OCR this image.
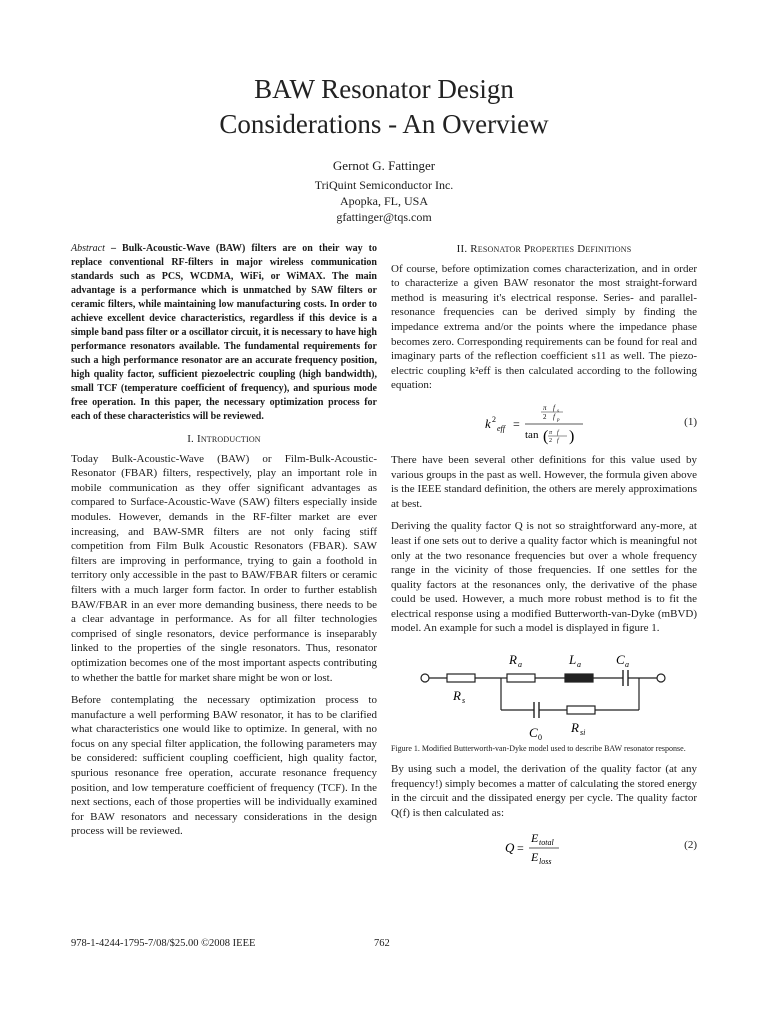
BAW Resonator Design
Considerations - An Overview
Gernot G. Fattinger
TriQuint Semiconductor Inc.
Apopka, FL, USA
gfattinger@tqs.com

Abstract – Bulk-Acoustic-Wave (BAW) filters are on their way to replace conventional RF-filters in major wireless communication standards such as PCS, WCDMA, WiFi, or WiMAX. The main advantage is a performance which is unmatched by SAW filters or ceramic filters, while maintaining low manufacturing costs. In order to achieve excellent device characteristics, regardless if this device is a simple band pass filter or a oscillator circuit, it is necessary to have high performance resonators available. The fundamental requirements for such a high performance resonator are an accurate frequency position, high quality factor, sufficient piezoelectric coupling (high bandwidth), small TCF (temperature coefficient of frequency), and spurious mode free operation. In this paper, the necessary optimization process for each of these characteristics will be reviewed.

I. Introduction

Today Bulk-Acoustic-Wave (BAW) or Film-Bulk-Acoustic-Resonator (FBAR) filters, respectively, play an important role in mobile communication as they offer significant advantages as compared to Surface-Acoustic-Wave (SAW) filters especially inside modules. However, demands in the RF-filter market are ever increasing, and BAW-SMR filters are not only facing stiff competition from Film Bulk Acoustic Resonators (FBAR). SAW filters are improving in performance, trying to gain a foothold in territory only accessible in the past to BAW/FBAR filters or ceramic filters with a much larger form factor. In order to further establish BAW/FBAR in an ever more demanding business, there needs to be a clear advantage in performance. As for all filter technologies comprised of single resonators, device performance is inseparably linked to the properties of the single resonators. Thus, resonator optimization becomes one of the most important aspects contributing to whether the battle for market share might be won or lost.

Before contemplating the necessary optimization process to manufacture a well performing BAW resonator, it has to be clarified what characteristics one would like to optimize. In general, with no focus on any special filter application, the following parameters may be considered: sufficient coupling coefficient, high quality factor, spurious resonance free operation, accurate resonance frequency position, and low temperature coefficient of frequency (TCF). In the next sections, each of those properties will be individually examined for BAW resonators and necessary considerations in the design process will be reviewed.

II. Resonator Properties Definitions

Of course, before optimization comes characterization, and in order to characterize a given BAW resonator the most straight-forward method is measuring it's electrical response. Series- and parallel-resonance frequencies can be derived simply by finding the impedance extrema and/or the points where the impedance phase becomes zero. Corresponding requirements can be found for real and imaginary parts of the reflection coefficient s11 as well. The piezo-electric coupling k²eff is then calculated according to the following equation:

k 2
eff =
π f s
2 f p
tan ( π f
2 f )
(1)

There have been several other definitions for this value used by various groups in the past as well. However, the formula given above is the IEEE standard definition, the others are merely approximations at best.

Deriving the quality factor Q is not so straightforward any-more, at least if one sets out to derive a quality factor which is meaningful not only at the two resonance frequencies but over a whole frequency range in the vicinity of those frequencies. If one settles for the quality factors at the resonances only, the derivative of the phase could be used. However, a much more robust method is to fit the electrical response using a modified Butterworth-van-Dyke (mBVD) model. An example for such a model is displayed in figure 1.

R a	L a	C a
R s
C 0
R si

Figure 1. Modified Butterworth-van-Dyke model used to describe BAW resonator response.

By using such a model, the derivation of the quality factor (at any frequency!) simply becomes a matter of calculating the stored energy in the circuit and the dissipated energy per cycle. The quality factor Q(f) is then calculated as:

Q =
E total
E loss
(2)
978-1-4244-1795-7/08/$25.00 ©2008 IEEE	762
